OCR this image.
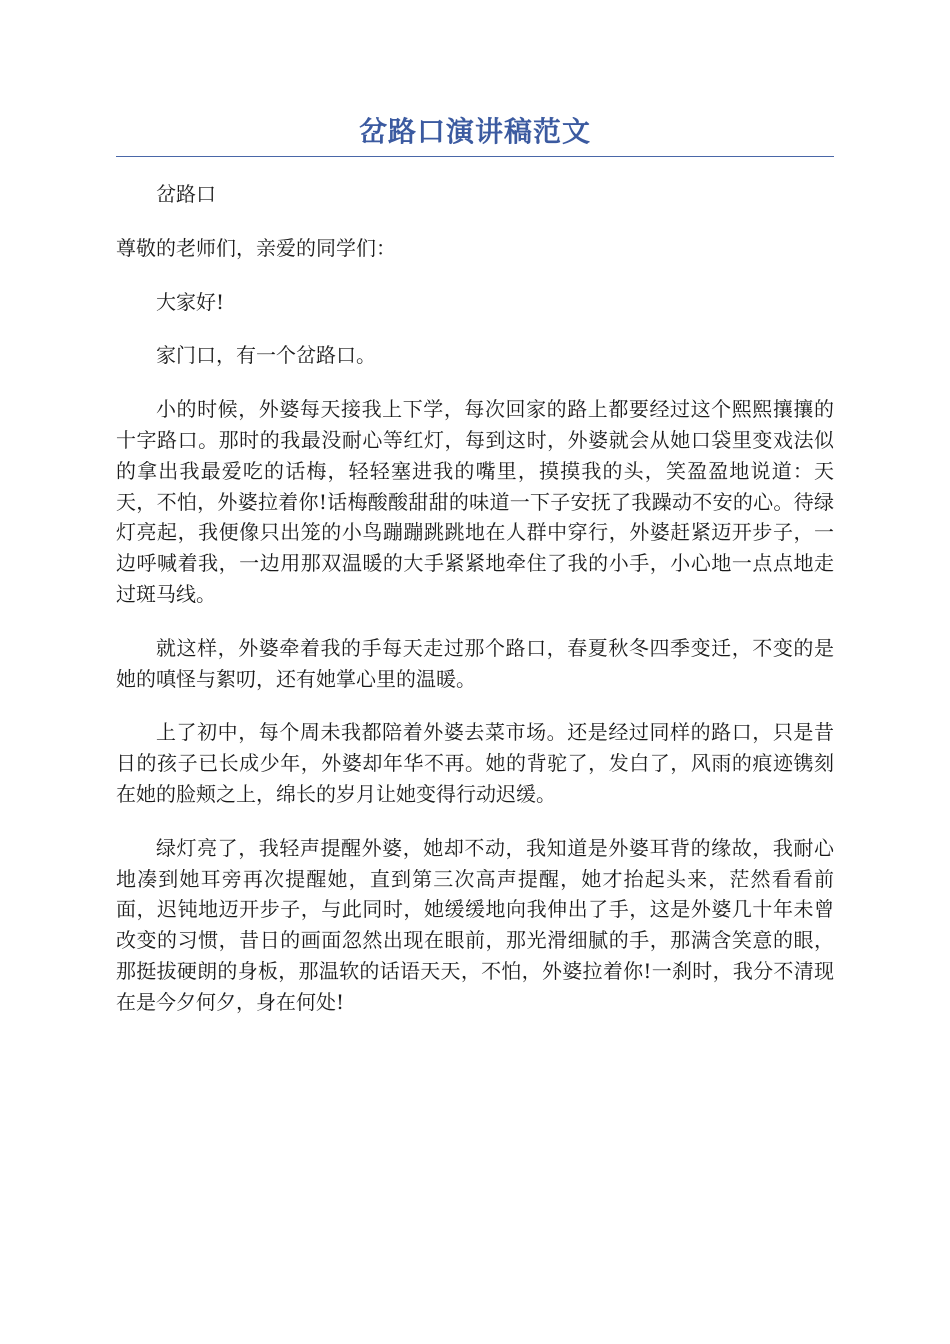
岔路口演讲稿范文

岔路口

尊敬的老师们，亲爱的同学们：

大家好!

家门口，有一个岔路口。

小的时候，外婆每天接我上下学，每次回家的路上都要经过这个熙熙攘攘的十字路口。那时的我最没耐心等红灯，每到这时，外婆就会从她口袋里变戏法似的拿出我最爱吃的话梅，轻轻塞进我的嘴里，摸摸我的头，笑盈盈地说道：天天，不怕，外婆拉着你!话梅酸酸甜甜的味道一下子安抚了我躁动不安的心。待绿灯亮起，我便像只出笼的小鸟蹦蹦跳跳地在人群中穿行，外婆赶紧迈开步子，一边呼喊着我，一边用那双温暖的大手紧紧地牵住了我的小手，小心地一点点地走过斑马线。

就这样，外婆牵着我的手每天走过那个路口，春夏秋冬四季变迁，不变的是她的嗔怪与絮叨，还有她掌心里的温暖。

上了初中，每个周未我都陪着外婆去菜市场。还是经过同样的路口，只是昔日的孩子已长成少年，外婆却年华不再。她的背驼了，发白了，风雨的痕迹镌刻在她的脸颊之上，绵长的岁月让她变得行动迟缓。

绿灯亮了，我轻声提醒外婆，她却不动，我知道是外婆耳背的缘故，我耐心地凑到她耳旁再次提醒她，直到第三次高声提醒，她才抬起头来，茫然看看前面，迟钝地迈开步子，与此同时，她缓缓地向我伸出了手，这是外婆几十年未曾改变的习惯，昔日的画面忽然出现在眼前，那光滑细腻的手，那满含笑意的眼，那挺拔硬朗的身板，那温软的话语天天，不怕，外婆拉着你!一刹时，我分不清现在是今夕何夕，身在何处!
